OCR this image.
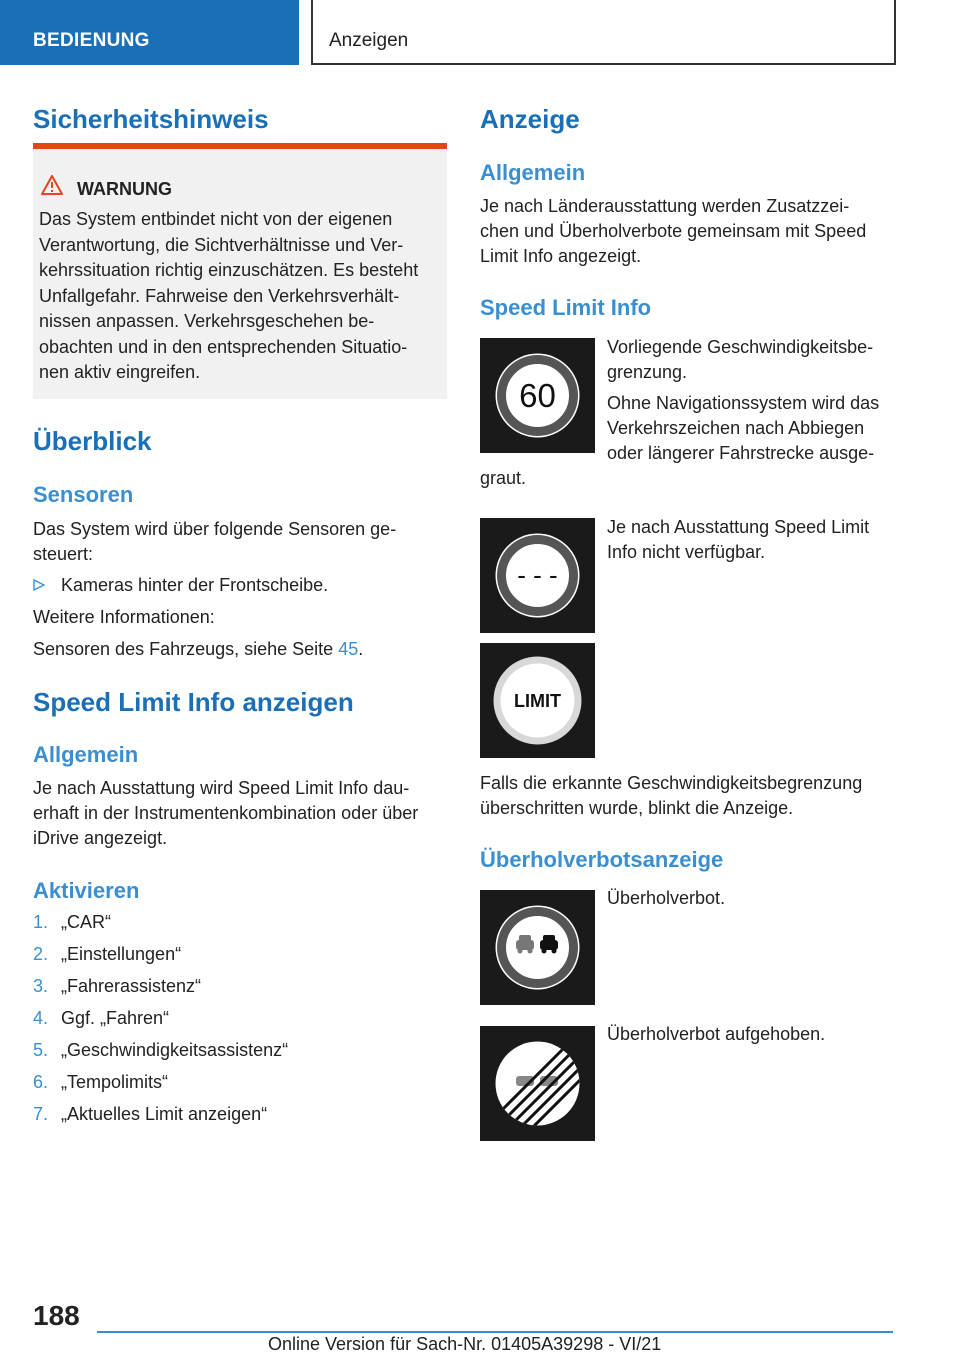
BEDIENUNG	Anzeigen
Sicherheitshinweis
WARNUNG
Das System entbindet nicht von der eigenen
Verantwortung, die Sichtverhältnisse und Ver-
kehrssituation richtig einzuschätzen. Es besteht
Unfallgefahr. Fahrweise den Verkehrsverhält-
nissen anpassen. Verkehrsgeschehen be-
obachten und in den entsprechenden Situatio-
nen aktiv eingreifen.
Überblick
Sensoren
Das System wird über folgende Sensoren ge-
steuert:
Kameras hinter der Frontscheibe.
Weitere Informationen:
Sensoren des Fahrzeugs, siehe Seite 45.
Speed Limit Info anzeigen
Allgemein
Je nach Ausstattung wird Speed Limit Info dau-
erhaft in der Instrumentenkombination oder über
iDrive angezeigt.
Aktivieren
1. „CAR“
2. „Einstellungen“
3. „Fahrerassistenz“
4. Ggf. „Fahren“
5. „Geschwindigkeitsassistenz“
6. „Tempolimits“
7. „Aktuelles Limit anzeigen“
Anzeige
Allgemein
Je nach Länderausstattung werden Zusatzzei-
chen und Überholverbote gemeinsam mit Speed
Limit Info angezeigt.
Speed Limit Info
60
Vorliegende Geschwindigkeitsbe-
grenzung.
Ohne Navigationssystem wird das
Verkehrszeichen nach Abbiegen
oder längerer Fahrstrecke ausge-
graut.
- - -
Je nach Ausstattung Speed Limit
Info nicht verfügbar.
LIMIT
Falls die erkannte Geschwindigkeitsbegrenzung
überschritten wurde, blinkt die Anzeige.
Überholverbotsanzeige
Überholverbot.
Überholverbot aufgehoben.
188
Online Version für Sach-Nr. 01405A39298 - VI/21
